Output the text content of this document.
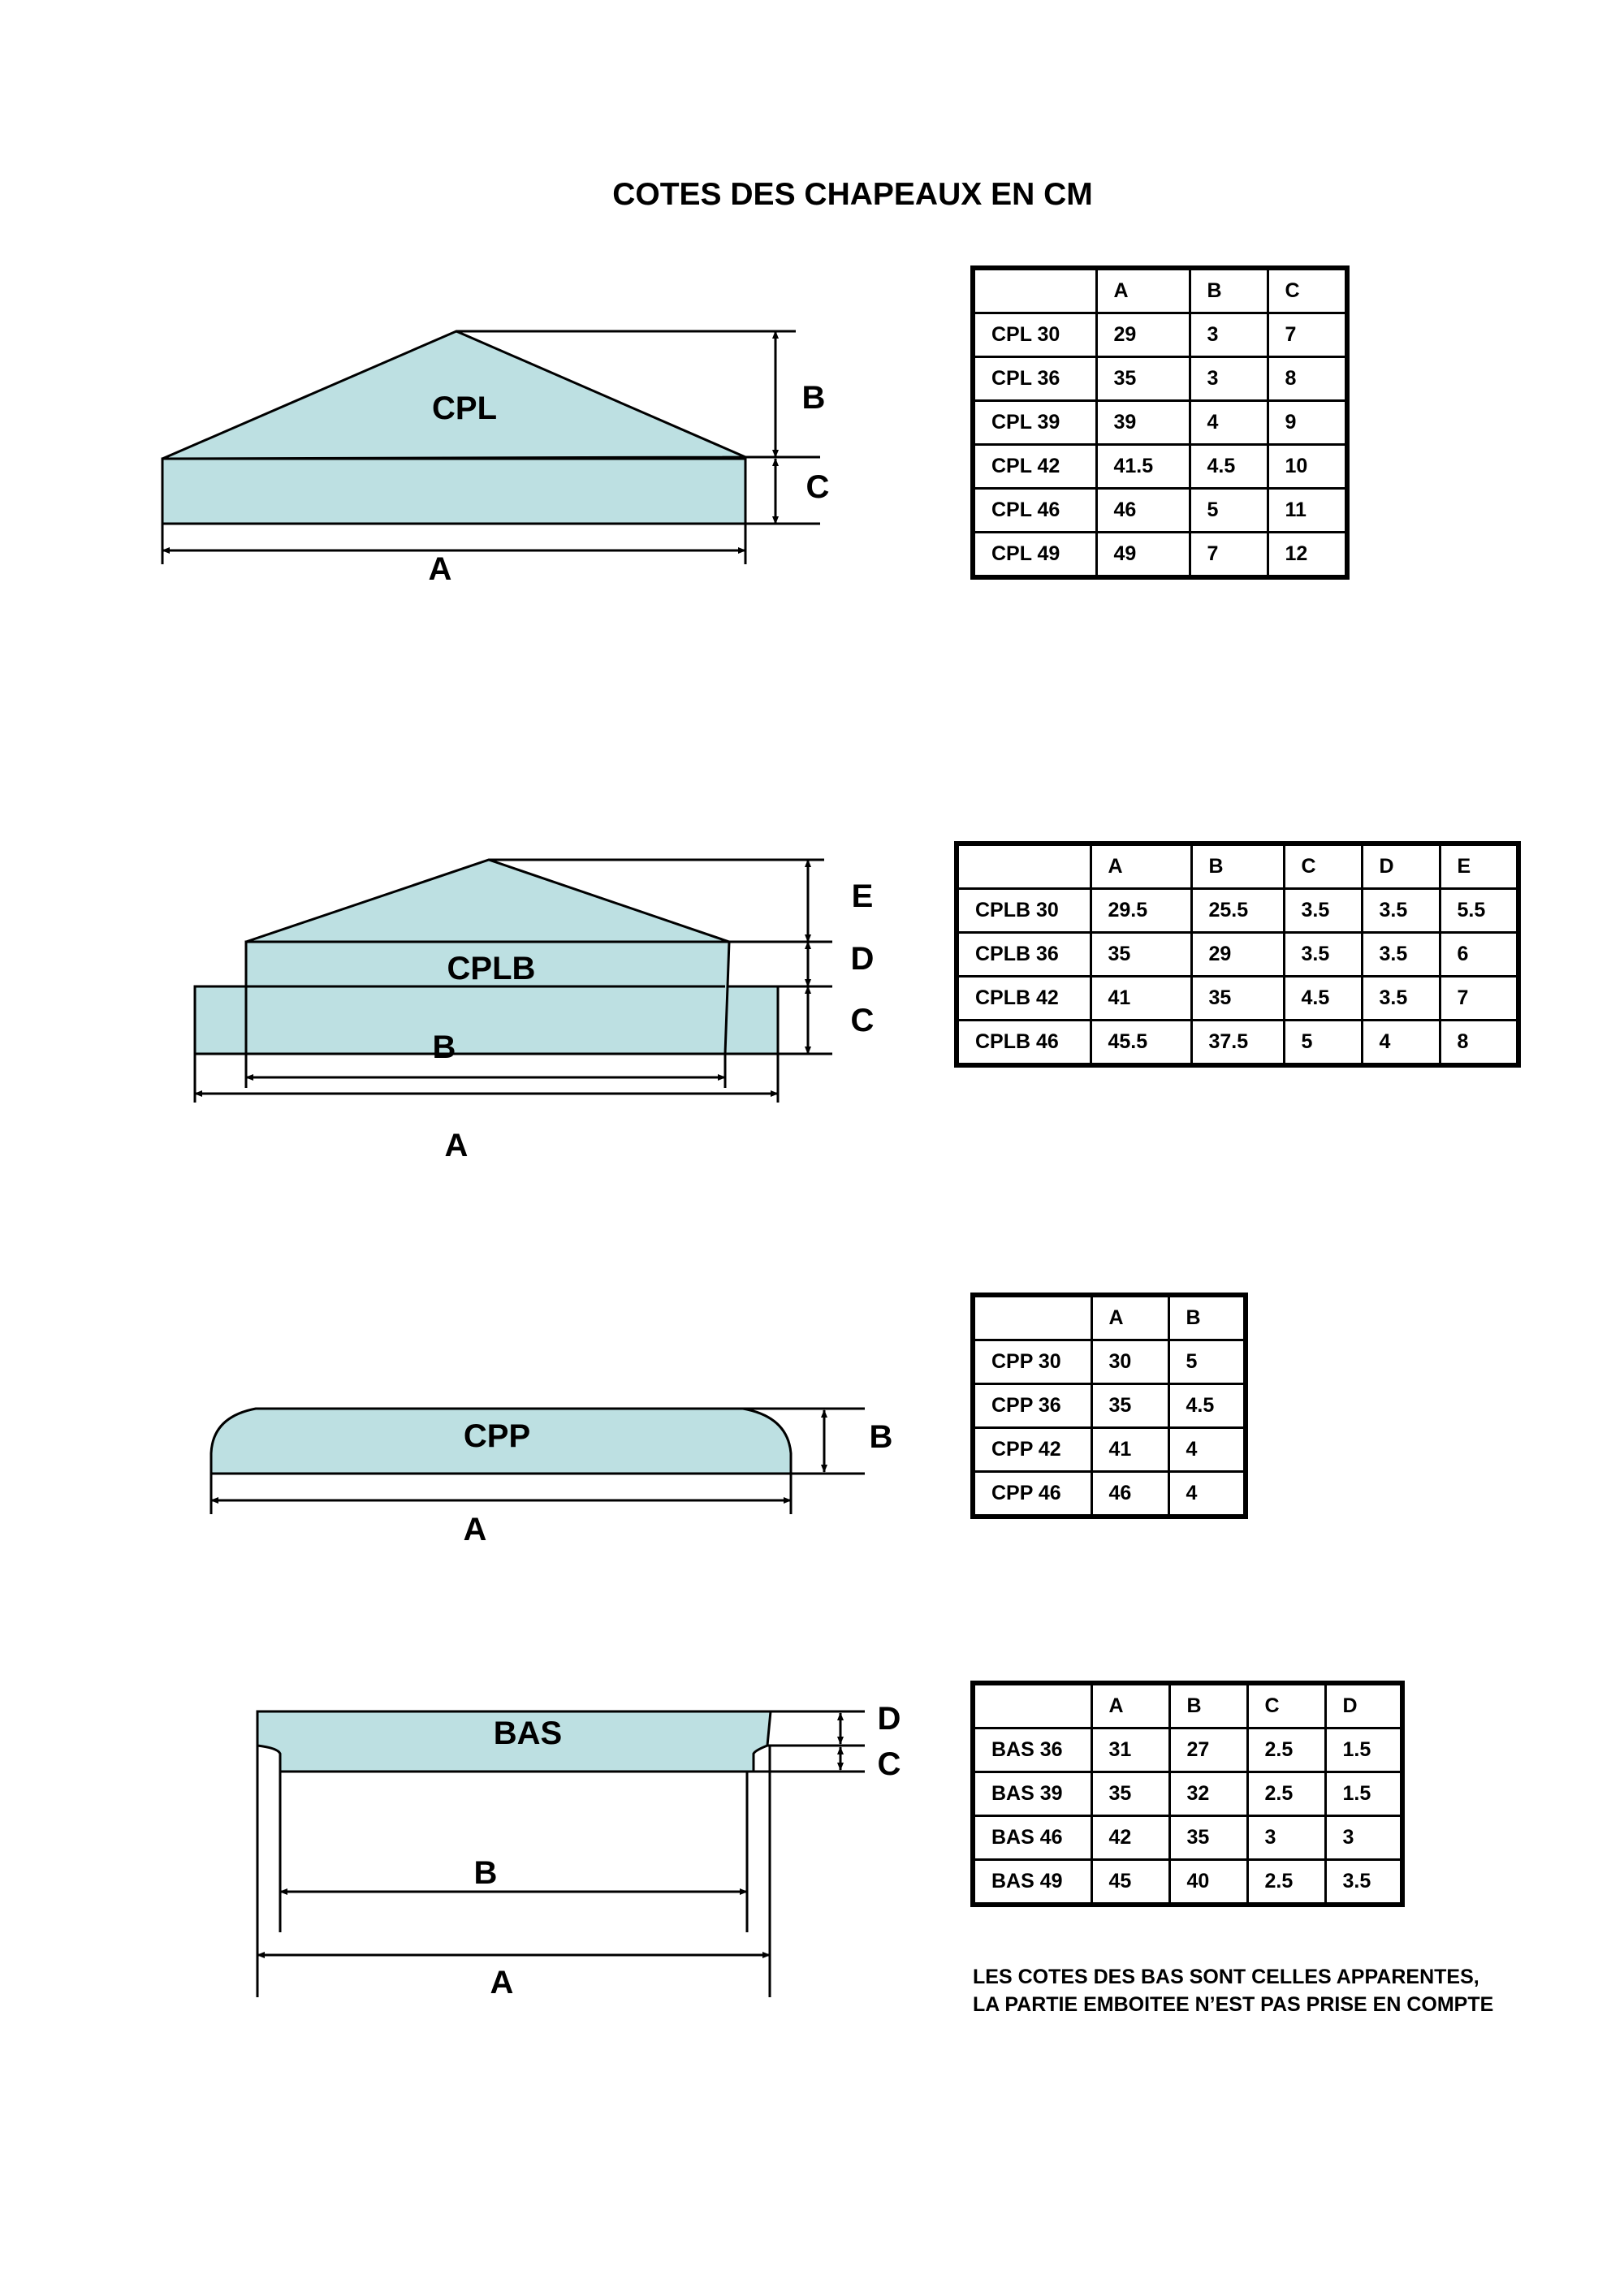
COTES DES CHAPEAUX EN CM
CPL	B
C
A
CPLB
E
D
C
B
A
CPP	B
A
BAS	D
C
B
A
	A	B	C
CPL 30	29	3	7
CPL 36	35	3	8
CPL 39	39	4	9
CPL 42	41.5	4.5	10
CPL 46	46	5	11
CPL 49	49	7	12
	A	B	C	D	E
CPLB 30	29.5	25.5	3.5	3.5	5.5
CPLB 36	35	29	3.5	3.5	6
CPLB 42	41	35	4.5	3.5	7
CPLB 46	45.5	37.5	5	4	8
	A	B
CPP 30	30	5
CPP 36	35	4.5
CPP 42	41	4
CPP 46	46	4
	A	B	C	D
BAS 36	31	27	2.5	1.5
BAS 39	35	32	2.5	1.5
BAS 46	42	35	3	3
BAS 49	45	40	2.5	3.5
LES COTES DES BAS SONT CELLES APPARENTES,
LA PARTIE EMBOITEE N’EST PAS PRISE EN COMPTE
